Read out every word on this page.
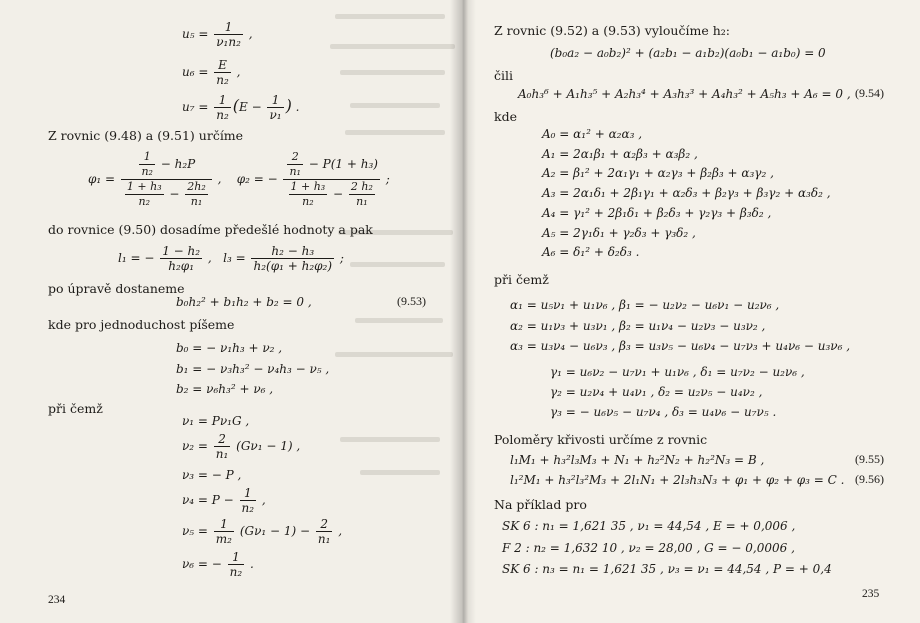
$u_5 = \frac{1}{\text{ν₁n₂}}$ ,
$u_6 = \frac{E}{\text{n₂}}$ ,
$u_7 = \frac{1}{\text{n₂}} (E - \frac{1}{\text{ν₁}}$ ) .
Z rovnic (9.48) a (9.51) určíme
$\varphi_1 = \frac{\frac{1}{\text{n₂}} - h_2P}{\frac{\text{1 + h₃}}{\text{n₂}} - \frac{\text{2h₂}}{\text{n₁}}}$ ,    φ₂ = − $\frac{\frac{2}{\text{n₁}} - P(1 + h_3)}{\frac{\text{1 + h₃}}{\text{n₂}} - \frac{\text{2 h₂}}{\text{n₁}}}$ ;
do rovnice (9.50) dosadíme předešlé hodnoty a pak
l₁ = − $\frac{\text{1 − h₂}}{\text{h₂φ₁}}$ ,   $l_3 = \frac{\text{h₂ − h₃}}{\text{h₂(φ₁ + h₂φ₂)}}$ ;
po úpravě dostaneme
b₀h₂² + b₁h₂ + b₂ = 0 ,	(9.53)
kde pro jednoduchost píšeme
b₀ = − ν₁h₃ + ν₂ ,
b₁ = − ν₃h₃² − ν₄h₃ − ν₅ ,
b₂ = ν₆h₃² + ν₆ ,
při čemž
ν₁ = Pν₁G ,
$\nu_2 = \frac{2}{\text{n₁}} (G\nu_1 - 1)$ ,
ν₃ = − P ,
$\nu_4 = P - \frac{1}{\text{n₂}}$ ,
$\nu_5 = \frac{1}{\text{m₂}} (G\nu_1 - 1) - \frac{2}{\text{n₁}}$ ,
ν₆ = − $\frac{1}{\text{n₂}}$ .
234
Z rovnic (9.52) a (9.53) vyloučíme h₂:
(b₀a₂ − a₀b₂)² + (a₂b₁ − a₁b₂)(a₀b₁ − a₁b₀) = 0
čili
A₀h₃⁶ + A₁h₃⁵ + A₂h₃⁴ + A₃h₃³ + A₄h₃² + A₅h₃ + A₆ = 0 , (9.54)
kde
A₀ = α₁² + α₂α₃ ,
A₁ = 2α₁β₁ + α₂β₃ + α₃β₂ ,
A₂ = β₁² + 2α₁γ₁ + α₂γ₃ + β₂β₃ + α₃γ₂ ,
A₃ = 2α₁δ₁ + 2β₁γ₁ + α₂δ₃ + β₂γ₃ + β₃γ₂ + α₃δ₂ ,
A₄ = γ₁² + 2β₁δ₁ + β₂δ₃ + γ₂γ₃ + β₃δ₂ ,
A₅ = 2γ₁δ₁ + γ₂δ₃ + γ₃δ₂ ,
A₆ = δ₁² + δ₂δ₃ .
při čemž
α₁ = u₅ν₁ + u₁ν₆ , β₁ = − u₂ν₂ − u₆ν₁ − u₂ν₆ ,
α₂ = u₁ν₃ + u₃ν₁ , β₂ = u₁ν₄ − u₂ν₃ − u₃ν₂ ,
α₃ = u₃ν₄ − u₆ν₃ , β₃ = u₃ν₅ − u₆ν₄ − u₇ν₃ + u₄ν₆ − u₃ν₆ ,
γ₁ = u₆ν₂ − u₇ν₁ + u₁ν₆ , δ₁ = u₇ν₂ − u₂ν₆ ,
γ₂ = u₂ν₄ + u₄ν₁ , δ₂ = u₂ν₅ − u₄ν₂ ,
γ₃ = − u₆ν₅ − u₇ν₄ , δ₃ = u₄ν₆ − u₇ν₅ .
Poloměry křivosti určíme z rovnic
l₁M₁ + h₃²l₃M₃ + N₁ + h₂²N₂ + h₂²N₃ = B ,	(9.55)
l₁²M₁ + h₃²l₃²M₃ + 2l₁N₁ + 2l₃h₃N₃ + φ₁ + φ₂ + φ₃ = C . (9.56)
Na příklad pro
SK 6 : n₁ = 1,621 35 , ν₁ = 44,54 , E = + 0,006 ,
F 2 : n₂ = 1,632 10 , ν₂ = 28,00 , G = − 0,0006 ,
SK 6 : n₃ = n₁ = 1,621 35 , ν₃ = ν₁ = 44,54 , P = + 0,4
235
